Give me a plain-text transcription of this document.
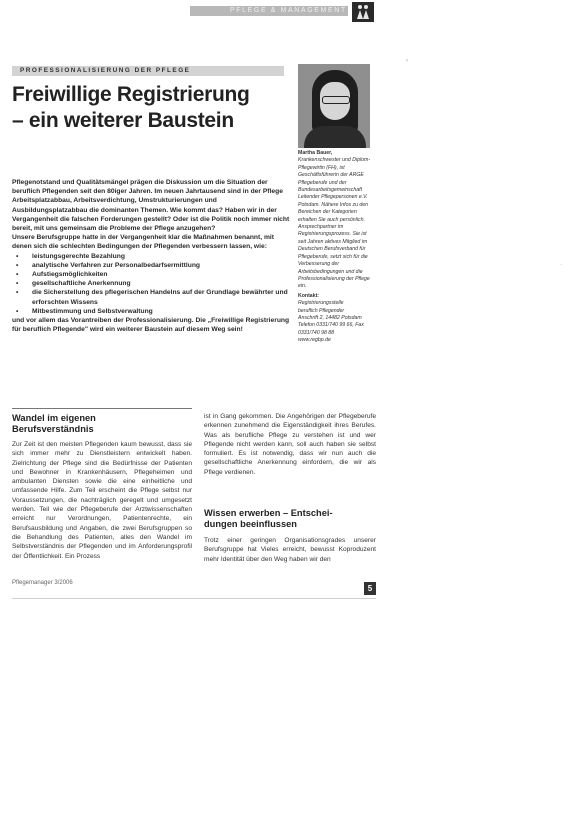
PFLEGE & MANAGEMENT
PROFESSIONALISIERUNG DER PFLEGE
Freiwillige Registrierung
– ein weiterer Baustein
Martha Bauer, Krankenschwester und Diplom-Pflegewirtin (FH), ist Geschäftsführerin der ARGE Pflegeberufe und der Bundesarbeitsgemeinschaft Leitender Pflegepersonen e.V. Potsdam. Nähere Infos zu den Bereichen der Kategorien erhalten Sie auch persönlich. Ansprechpartner im Registrierungsprozess. Sie ist seit Jahren aktives Mitglied im Deutschen Berufsverband für Pflegeberufe, setzt sich für die Verbesserung der Arbeitsbedingungen und die Professionalisierung der Pflege ein.
Kontakt:
Registrierungsstelle
beruflich Pflegender
Anschrift 2, 14482 Potsdam
Telefon 0331/740 99 66, Fax
0331/740 98 88
www.regbp.de

Pflegenotstand und Qualitätsmängel prägen die Diskussion um die Situation der beruflich Pflegenden seit den 80iger Jahren. Im neuen Jahrtausend sind in der Pflege Arbeitsplatzabbau, Arbeitsverdichtung, Umstrukturierungen und Ausbildungsplatzabbau die dominanten Themen. Wie kommt das? Haben wir in der Vergangenheit die falschen Forderungen gestellt? Oder ist die Politik noch immer nicht bereit, mit uns gemeinsam die Probleme der Pflege anzugehen?

Unsere Berufsgruppe hatte in der Vergangenheit klar die Maßnahmen benannt, mit denen sich die schlechten Bedingungen der Pflegenden verbessern lassen, wie:

• leistungsgerechte Bezahlung
• analytische Verfahren zur Personalbedarfsermittlung
• Aufstiegsmöglichkeiten
• gesellschaftliche Anerkennung
• die Sicherstellung des pflegerischen Handelns auf der Grundlage bewährter und erforschten Wissens
• Mitbestimmung und Selbstverwaltung

und vor allem das Vorantreiben der Professionalisierung. Die „Freiwillige Registrierung für beruflich Pflegende" wird ein weiterer Baustein auf diesem Weg sein!

Wandel im eigenen
Berufsverständnis

Zur Zeit ist den meisten Pflegenden kaum bewusst, dass sie sich immer mehr zu Dienstleistern entwickelt haben. Zielrichtung der Pflege sind die Bedürfnisse der Patienten und Bewohner in Krankenhäusern, Pflegeheimen und ambulanten Diensten sowie die eine einheitliche und umfassende Hilfe. Zum Teil erscheint die Pflege selbst nur Voraussetzungen, die nachträglich geregelt und umgesetzt werden. Teil wie der Pflegeberufe der Arztwissenschaften erreicht nur Verordnungen, Patientenrechte, ein Berufsausbildung und Angaben, die zwei Berufsgruppen so die Behandlung des Patienten, alles den Wandel im Selbstverständnis der Pflegenden und im Anforderungsprofil der Öffentlichkeit. Ein Prozess

ist in Gang gekommen. Die Angehörigen der Pflegeberufe erkennen zunehmend die Eigenständigkeit ihres Berufes. Was als berufliche Pflege zu verstehen ist und wer Pflegende nicht werden kann, soll auch haben sie selbst formuliert. Es ist notwendig, dass wir nun auch die gesellschaftliche Anerkennung einfordern, die wir als Pflege verdienen.

Wissen erwerben – Entschei-
dungen beeinflussen

Trotz einer geringen Organisationsgrades unserer Berufsgruppe hat Vieles erreicht, bewusst Koproduzent mehr Identität über den Weg haben wir den

Pflegemanager 3/2006
5
›
·
